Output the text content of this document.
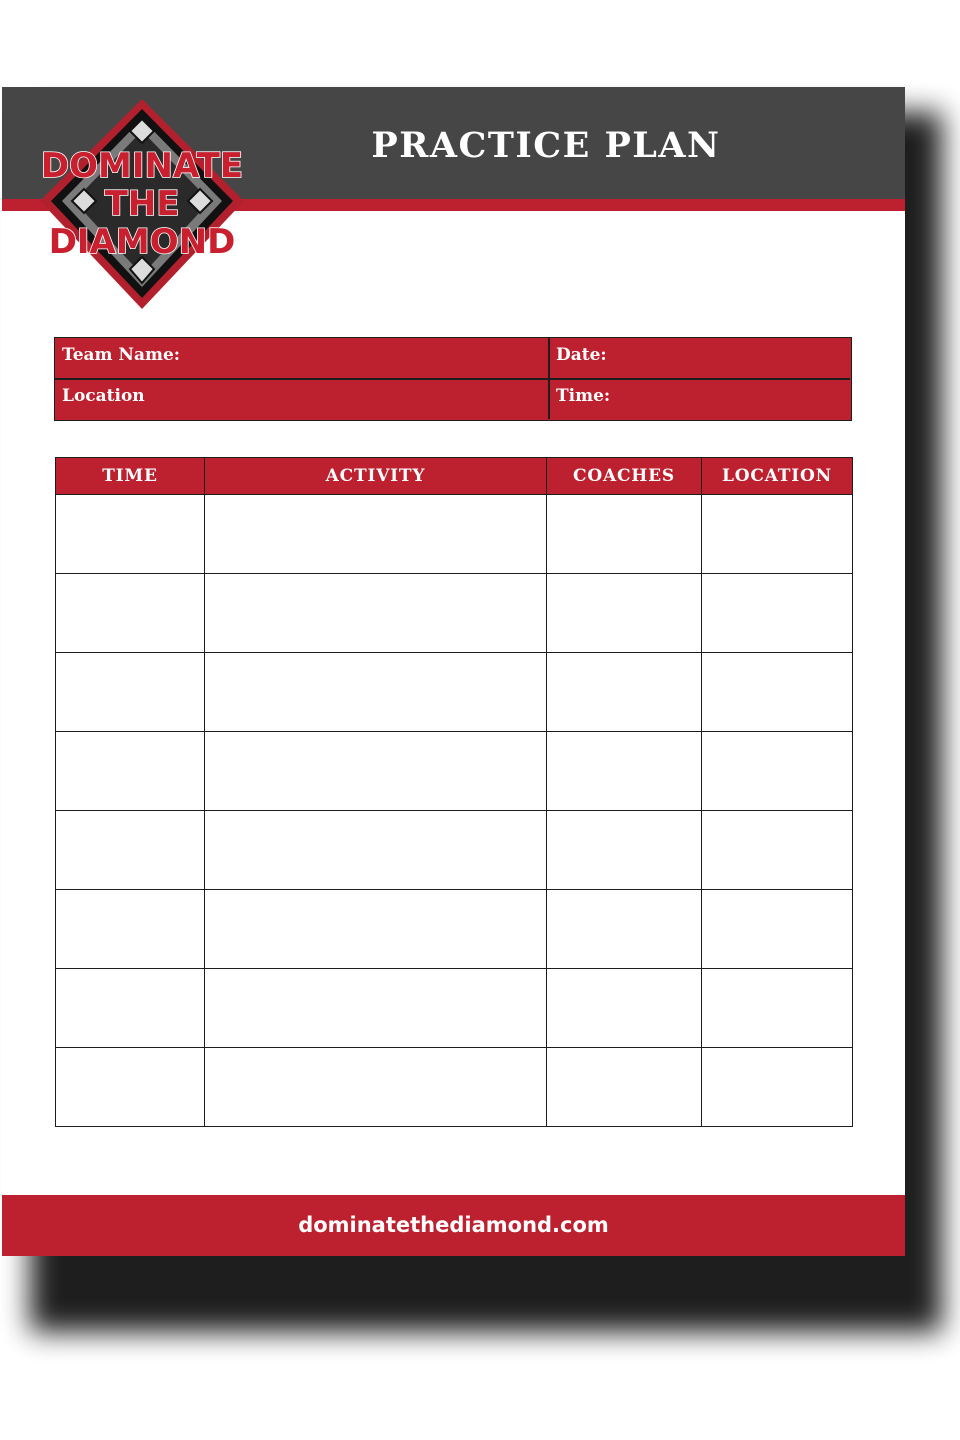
PRACTICE PLAN
DOMINATE
THE
DIAMOND
Team Name:	Date:
Location	Time:
TIME	ACTIVITY	COACHES	LOCATION

dominatethediamond.com
